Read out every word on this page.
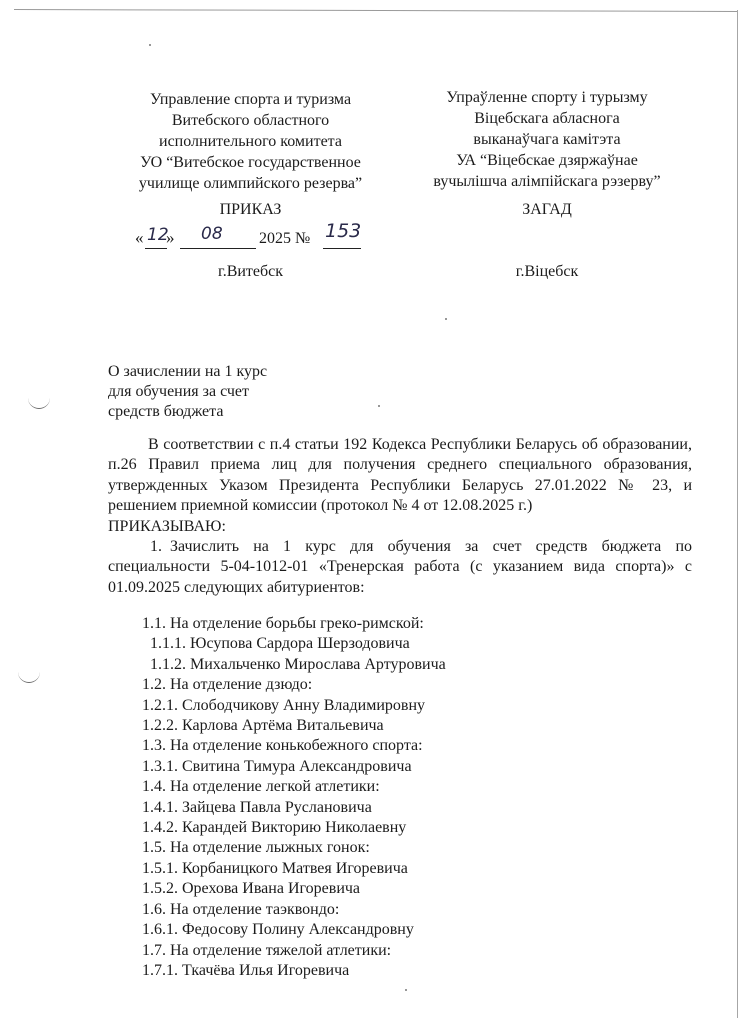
Управление спорта и туризма
Витебского областного
исполнительного комитета
УО “Витебское государственное
училище олимпийского резерва”
Упраўленне спорту і турызму
Віцебскага абласнога
выканаўчага камітэта
УА “Віцебскае дзяржаўнае
вучылішча алімпійскага рэзерву”
ПРИКАЗ	ЗАГАД
« 12
» 08 2025 № 153
г.Витебск	г.Віцебск
О зачислении на 1 курс
для обучения за счет
средств бюджета

В соответствии с п.4 статьи 192 Кодекса Республики Беларусь об образовании, п.26 Правил приема лиц для получения среднего специального образования, утвержденных Указом Президента Республики Беларусь 27.01.2022 № 23, и решением приемной комиссии (протокол № 4 от 12.08.2025 г.)

ПРИКАЗЫВАЮ:

1. Зачислить на 1 курс для обучения за счет средств бюджета по специальности 5-04-1012-01 «Тренерская работа (с указанием вида спорта)» с 01.09.2025 следующих абитуриентов:

1.1. На отделение борьбы греко-римской:
1.1.1. Юсупова Сардора Шерзодовича
1.1.2. Михальченко Мирослава Артуровича
1.2. На отделение дзюдо:
1.2.1. Слободчикову Анну Владимировну
1.2.2. Карлова Артёма Витальевича
1.3. На отделение конькобежного спорта:
1.3.1. Свитина Тимура Александровича
1.4. На отделение легкой атлетики:
1.4.1. Зайцева Павла Руслановича
1.4.2. Карандей Викторию Николаевну
1.5. На отделение лыжных гонок:
1.5.1. Корбаницкого Матвея Игоревича
1.5.2. Орехова Ивана Игоревича
1.6. На отделение таэквондо:
1.6.1. Федосову Полину Александровну
1.7. На отделение тяжелой атлетики:
1.7.1. Ткачёва Илья Игоревича
